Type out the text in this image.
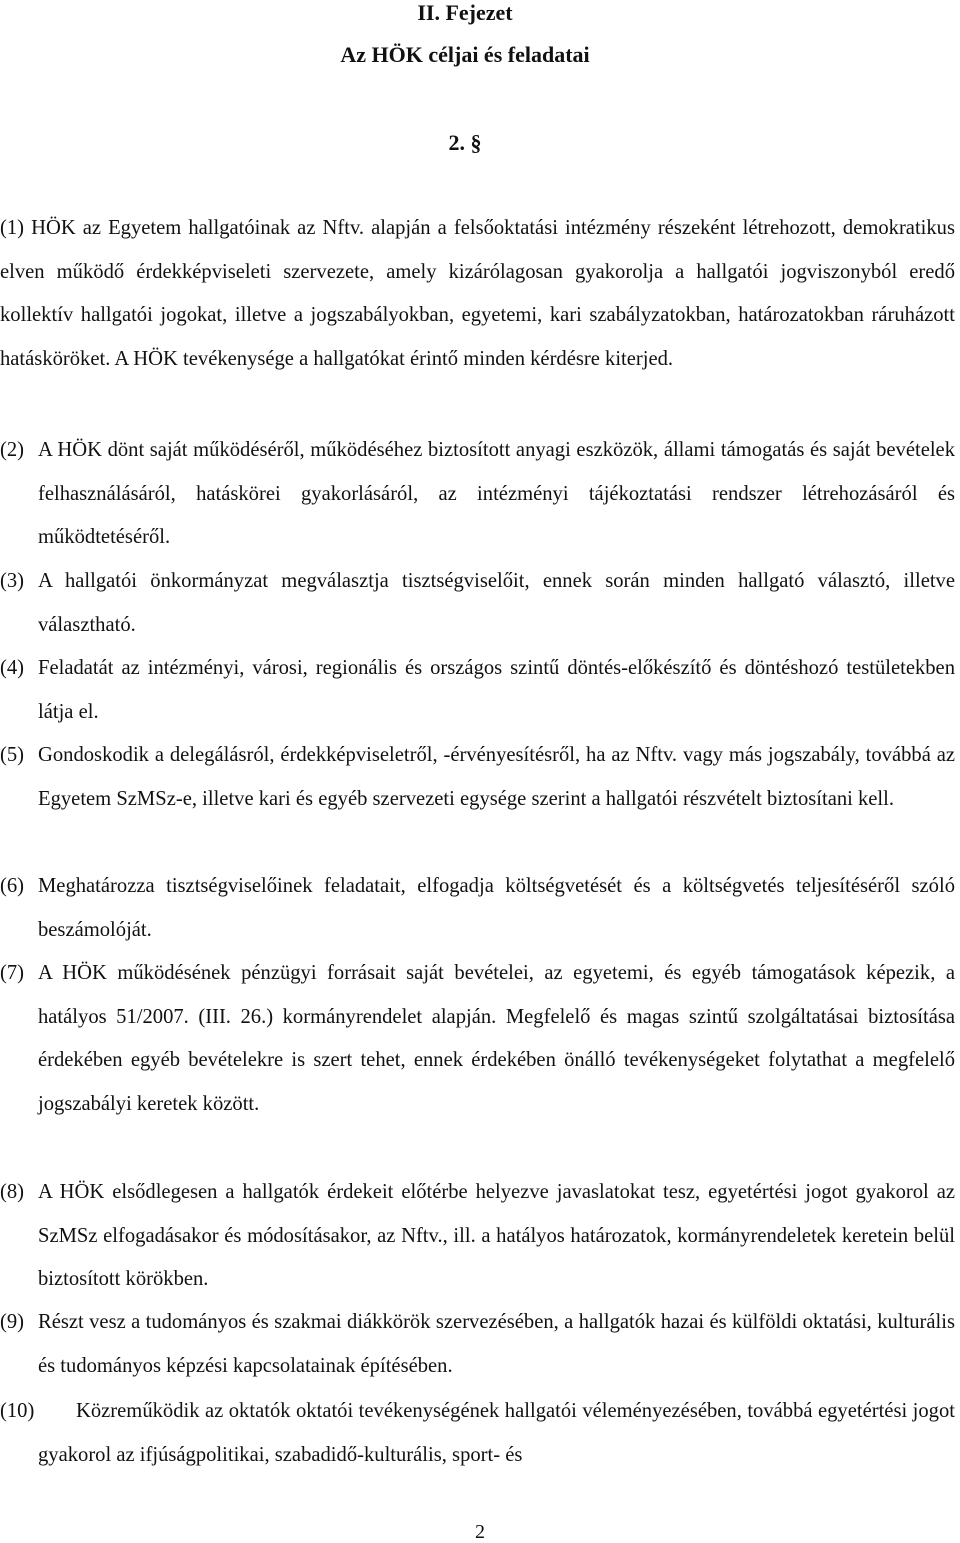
II. Fejezet
Az HÖK céljai és feladatai
2. §

(1) HÖK az Egyetem hallgatóinak az Nftv. alapján a felsőoktatási intézmény részeként létrehozott, demokratikus elven működő érdekképviseleti szervezete, amely kizárólagosan gyakorolja a hallgatói jogviszonyból eredő kollektív hallgatói jogokat, illetve a jogszabályokban, egyetemi, kari szabályzatokban, határozatokban ráruházott hatásköröket. A HÖK tevékenysége a hallgatókat érintő minden kérdésre kiterjed.

(2) A HÖK dönt saját működéséről, működéséhez biztosított anyagi eszközök, állami támogatás és saját bevételek felhasználásáról, hatáskörei gyakorlásáról, az intézményi tájékoztatási rendszer létrehozásáról és működtetéséről.

(3) A hallgatói önkormányzat megválasztja tisztségviselőit, ennek során minden hallgató választó, illetve választható.

(4) Feladatát az intézményi, városi, regionális és országos szintű döntés-előkészítő és döntéshozó testületekben látja el.

(5) Gondoskodik a delegálásról, érdekképviseletről, -érvényesítésről, ha az Nftv. vagy más jogszabály, továbbá az Egyetem SzMSz-e, illetve kari és egyéb szervezeti egysége szerint a hallgatói részvételt biztosítani kell.

(6) Meghatározza tisztségviselőinek feladatait, elfogadja költségvetését és a költségvetés teljesítéséről szóló beszámolóját.

(7) A HÖK működésének pénzügyi forrásait saját bevételei, az egyetemi, és egyéb támogatások képezik, a hatályos 51/2007. (III. 26.) kormányrendelet alapján. Megfelelő és magas szintű szolgáltatásai biztosítása érdekében egyéb bevételekre is szert tehet, ennek érdekében önálló tevékenységeket folytathat a megfelelő jogszabályi keretek között.

(8) A HÖK elsődlegesen a hallgatók érdekeit előtérbe helyezve javaslatokat tesz, egyetértési jogot gyakorol az SzMSz elfogadásakor és módosításakor, az Nftv., ill. a hatályos határozatok, kormányrendeletek keretein belül biztosított körökben.

(9) Részt vesz a tudományos és szakmai diákkörök szervezésében, a hallgatók hazai és külföldi oktatási, kulturális és tudományos képzési kapcsolatainak építésében.

(10)	Közreműködik az oktatók oktatói tevékenységének hallgatói véleményezésében, továbbá egyetértési jogot gyakorol az ifjúságpolitikai, szabadidő-kulturális, sport- és

2
